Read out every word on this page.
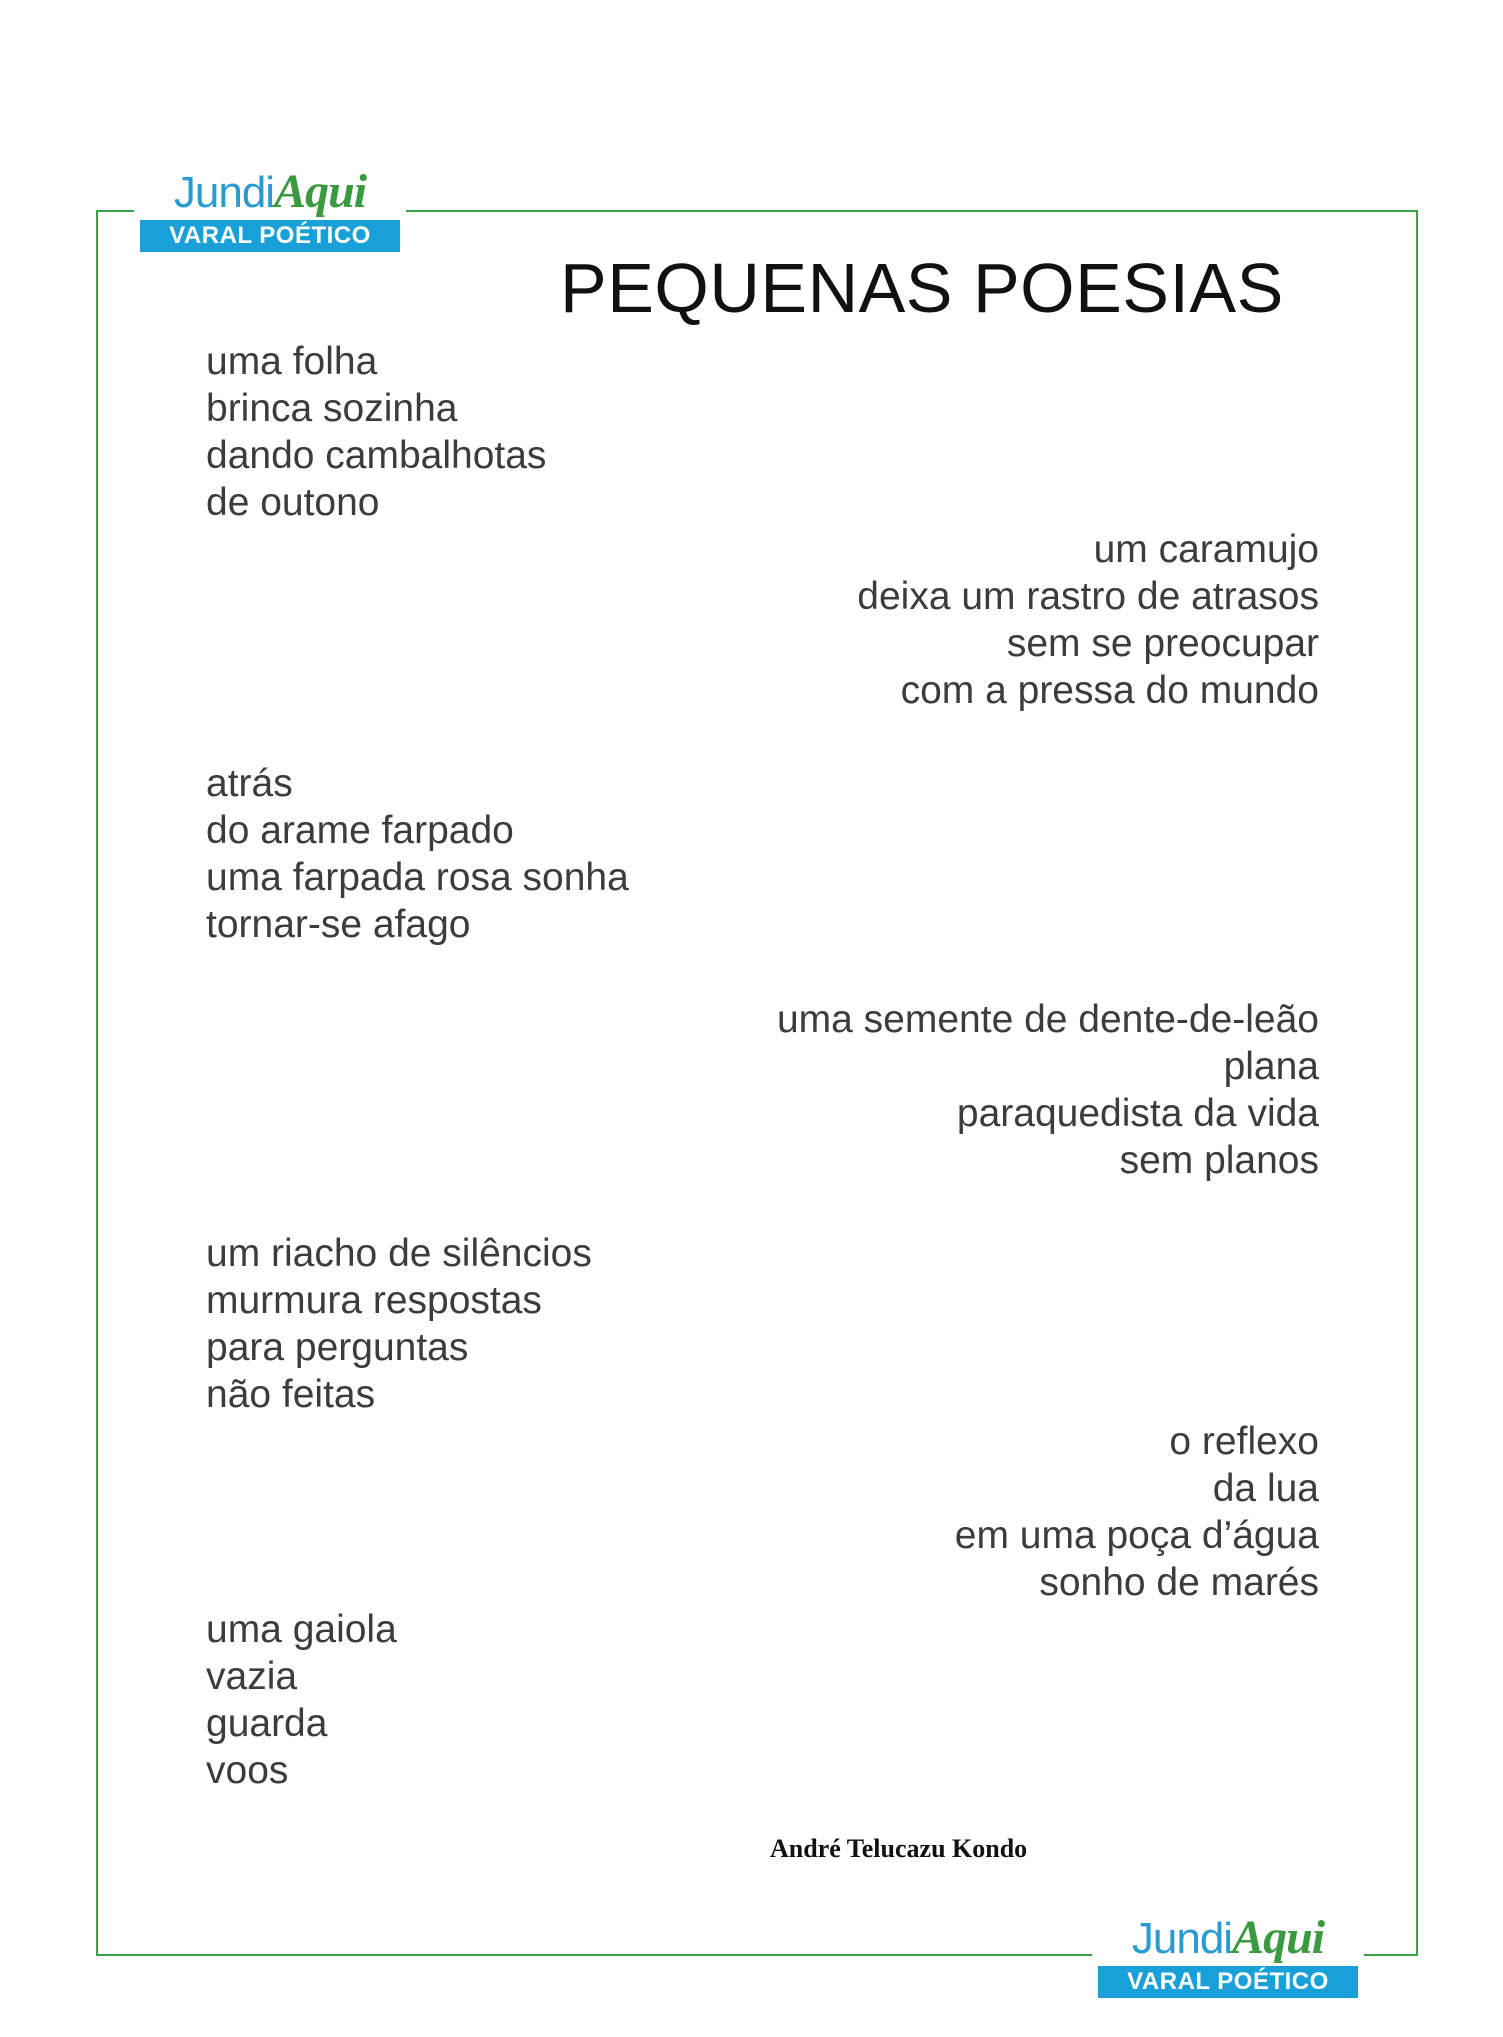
JundiAqui
VARAL POÉTICO
PEQUENAS POESIAS
uma folha
brinca sozinha
dando cambalhotas
de outono
um caramujo
deixa um rastro de atrasos
sem se preocupar
com a pressa do mundo
atrás
do arame farpado
uma farpada rosa sonha
tornar-se afago
uma semente de dente-de-leão
plana
paraquedista da vida
sem planos
um riacho de silêncios
murmura respostas
para perguntas
não feitas
o reflexo
da lua
em uma poça d’água
sonho de marés
uma gaiola
vazia
guarda
voos
André Telucazu Kondo
JundiAqui
VARAL POÉTICO
